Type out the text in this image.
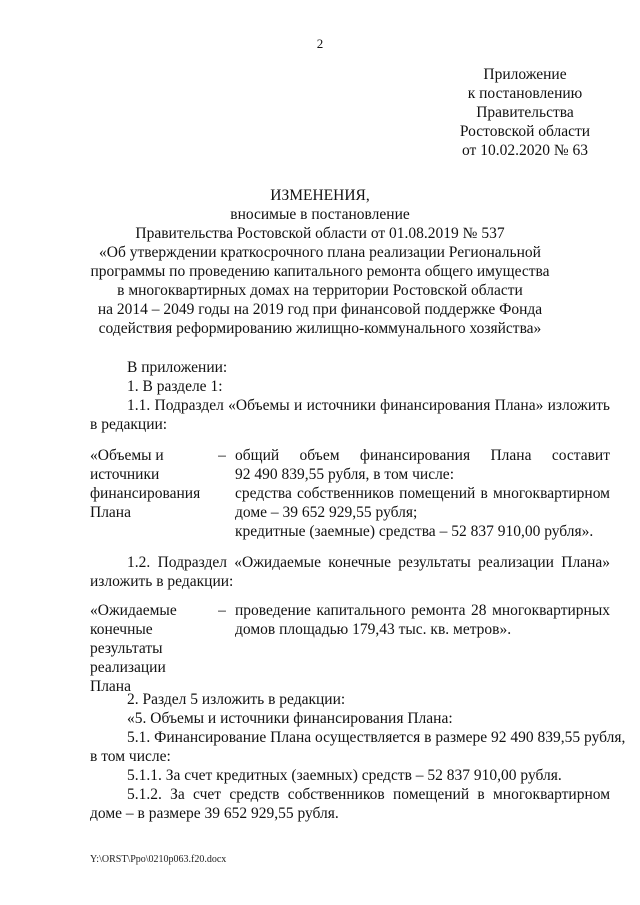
2
Приложение
к постановлению
Правительства
Ростовской области
от 10.02.2020 № 63
ИЗМЕНЕНИЯ,
вносимые в постановление
Правительства Ростовской области от 01.08.2019 № 537
«Об утверждении краткосрочного плана реализации Региональной
программы по проведению капитального ремонта общего имущества
в многоквартирных домах на территории Ростовской области
на 2014 – 2049 годы на 2019 год при финансовой поддержке Фонда
содействия реформированию жилищно-коммунального хозяйства»
В приложении:
1. В разделе 1:
1.1. Подраздел «Объемы и источники финансирования Плана» изложить
в редакции:
«Объемы и
источники
финансирования
Плана
– общий объем финансирования Плана составит
92 490 839,55 рубля, в том числе:
средства собственников помещений в многоквартирном
доме – 39 652 929,55 рубля;
кредитные (заемные) средства – 52 837 910,00 рубля».
1.2. Подраздел «Ожидаемые конечные результаты реализации Плана»
изложить в редакции:
«Ожидаемые
конечные
результаты
реализации
Плана
– проведение капитального ремонта 28 многоквартирных
домов площадью 179,43 тыс. кв. метров».
2. Раздел 5 изложить в редакции:
«5. Объемы и источники финансирования Плана:
5.1. Финансирование Плана осуществляется в размере 92 490 839,55 рубля,
в том числе:
5.1.1. За счет кредитных (заемных) средств – 52 837 910,00 рубля.
5.1.2. За счет средств собственников помещений в многоквартирном
доме – в размере 39 652 929,55 рубля.
Y:\ORST\Ppo\0210p063.f20.docx
